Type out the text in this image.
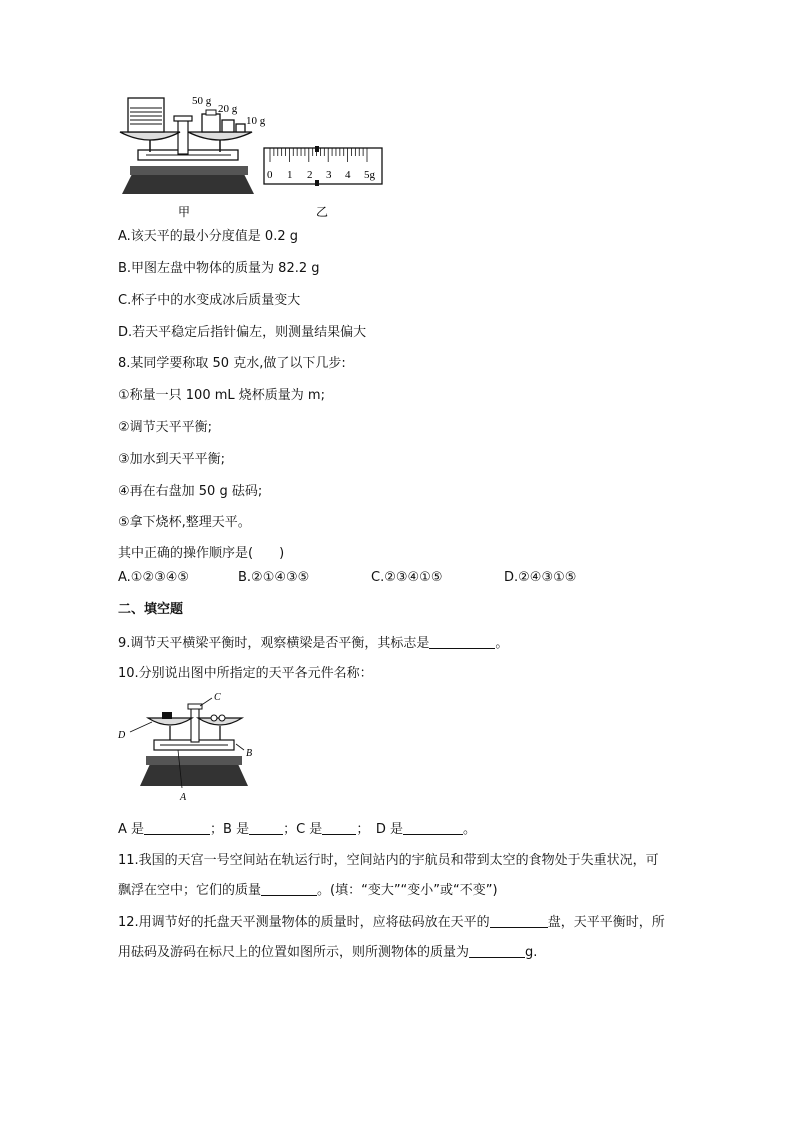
50 g
20 g
10 g
0 1 2 3 4 5g
甲	乙
A.该天平的最小分度值是 0.2 g
B.甲图左盘中物体的质量为 82.2 g
C.杯子中的水变成冰后质量变大
D.若天平稳定后指针偏左，则测量结果偏大
8.某同学要称取 50 克水,做了以下几步:
①称量一只 100 mL 烧杯质量为 m;
②调节天平平衡;
③加水到天平平衡;
④再在右盘加 50 g 砝码;
⑤拿下烧杯,整理天平。
其中正确的操作顺序是(　　)
A.①②③④⑤	B.②①④③⑤	C.②③④①⑤	D.②④③①⑤
二、填空题
9.调节天平横梁平衡时，观察横梁是否平衡，其标志是	。
10.分别说出图中所指定的天平各元件名称：
A
B
C
D
A 是	；B 是	；C 是	；　D 是	。
11.我国的天宫一号空间站在轨运行时，空间站内的宇航员和带到太空的食物处于失重状况，可
飘浮在空中；它们的质量	。(填：“变大”“变小”或“不变”)
12.用调节好的托盘天平测量物体的质量时，应将砝码放在天平的	盘，天平平衡时，所
用砝码及游码在标尺上的位置如图所示，则所测物体的质量为	g.
